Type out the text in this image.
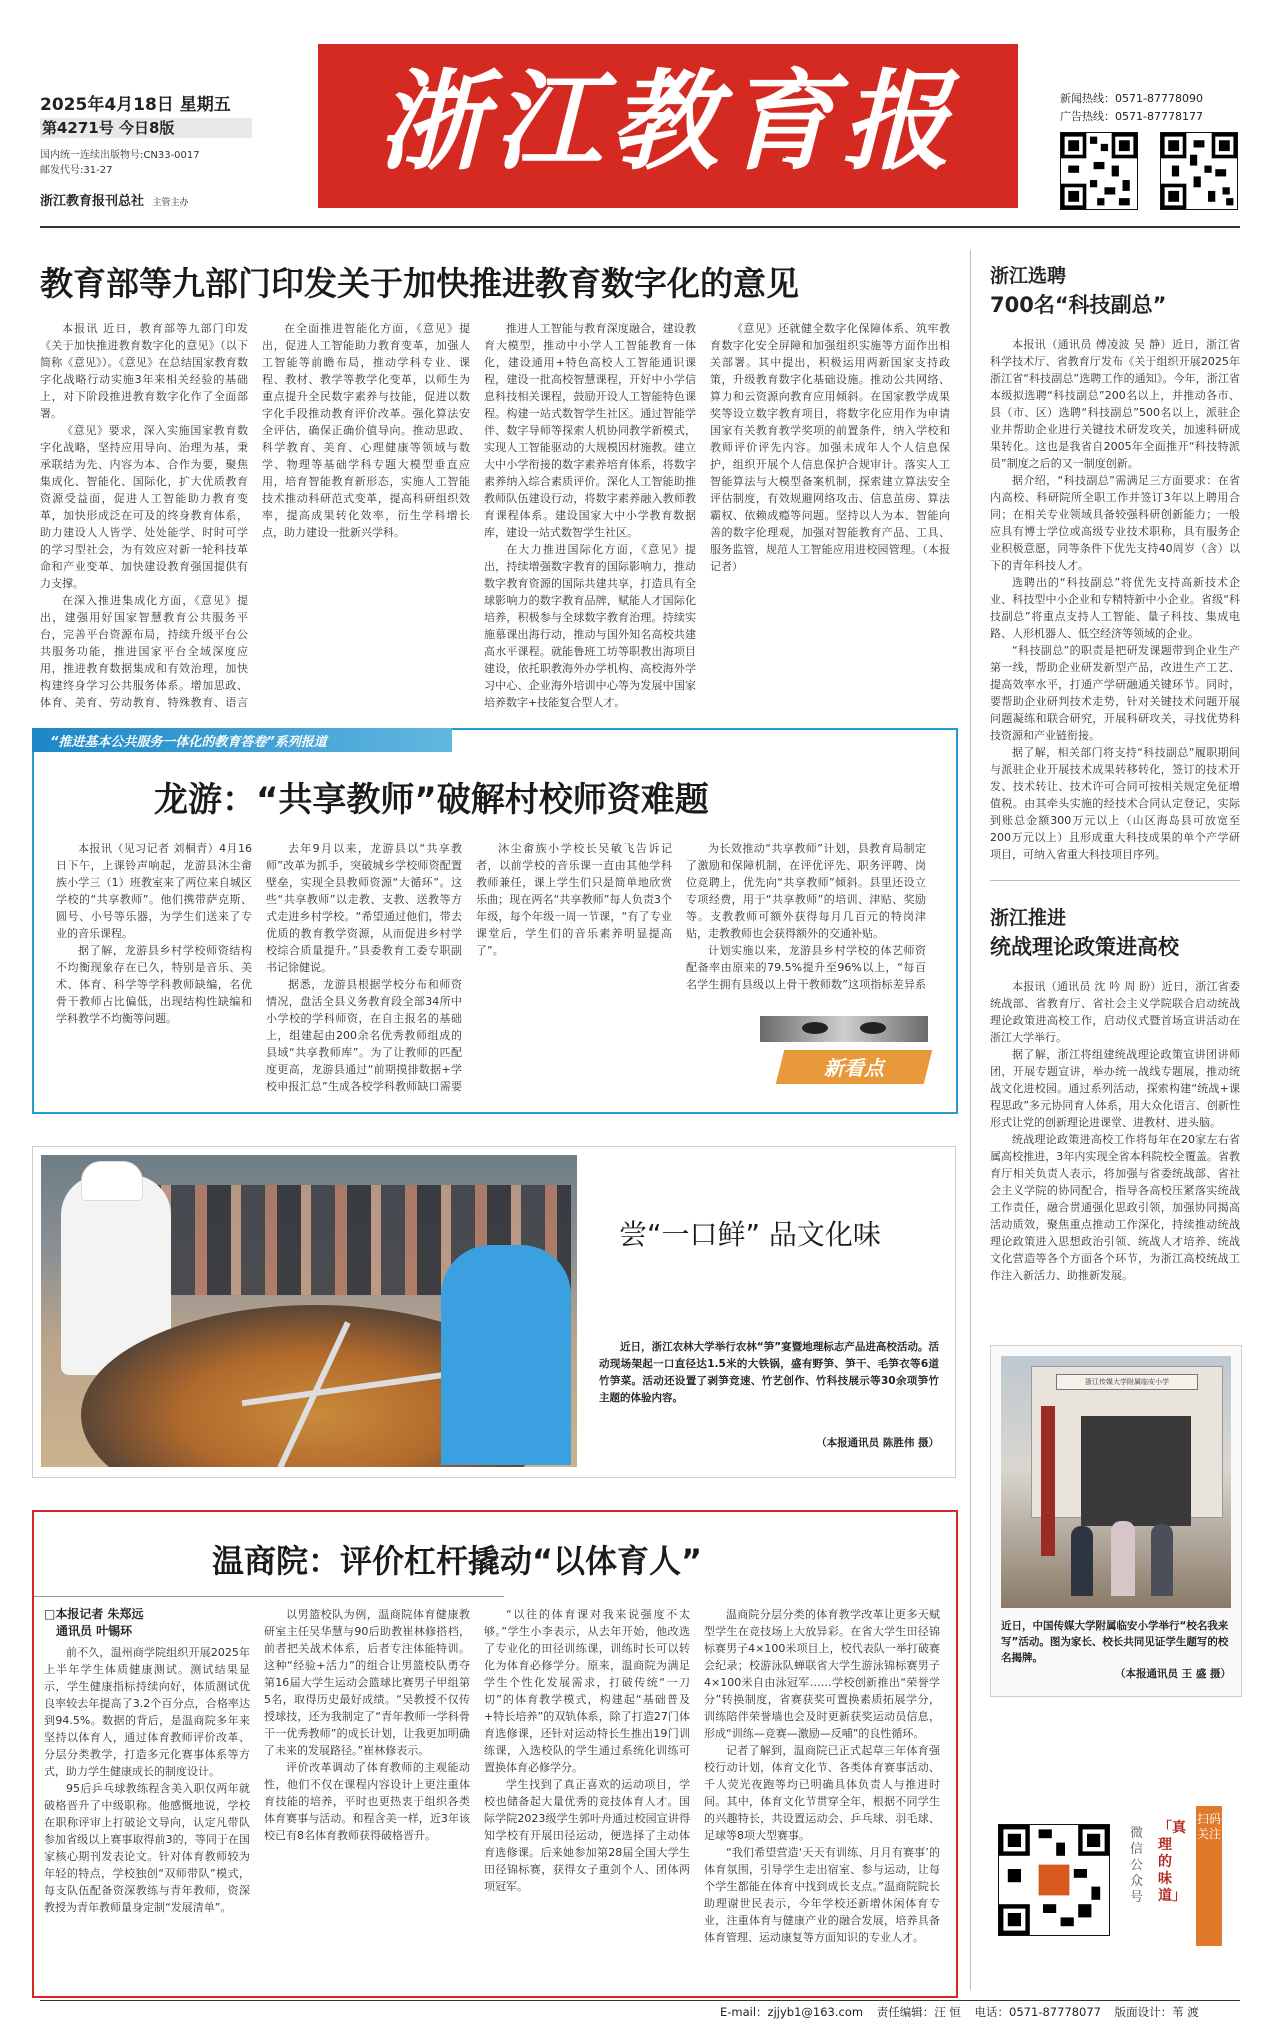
2025年4月18日 星期五
第4271号 今日8版
国内统一连续出版物号:CN33-0017
邮发代号:31-27
浙江教育报刊总社 主管主办
浙江教育报	新闻热线：0571-87778090
广告热线：0571-87778177
教育部等九部门印发关于加快推进教育数字化的意见

本报讯 近日，教育部等九部门印发《关于加快推进教育数字化的意见》（以下简称《意见》）。《意见》在总结国家教育数字化战略行动实施3年来相关经验的基础上，对下阶段推进教育数字化作了全面部署。

《意见》要求，深入实施国家教育数字化战略，坚持应用导向、治理为基，秉承联结为先、内容为本、合作为要，聚焦集成化、智能化、国际化，扩大优质教育资源受益面，促进人工智能助力教育变革，加快形成泛在可及的终身教育体系，助力建设人人皆学、处处能学、时时可学的学习型社会，为有效应对新一轮科技革命和产业变革、加快建设教育强国提供有力支撑。

在深入推进集成化方面，《意见》提出，建强用好国家智慧教育公共服务平台，完善平台资源布局，持续升级平台公共服务功能，推进国家平台全域深度应用，推进教育数据集成和有效治理，加快构建终身学习公共服务体系。增加思政、体育、美育、劳动教育、特殊教育、语言

在全面推进智能化方面，《意见》提出，促进人工智能助力教育变革，加强人工智能等前瞻布局，推动学科专业、课程、教材、教学等教学化变革，以师生为重点提升全民数字素养与技能，促进以数字化手段推动教育评价改革。强化算法安全评估，确保正确价值导向。推动思政、科学教育、美育、心理健康等领域与数学、物理等基础学科专题大模型垂直应用，培育智能教育新形态，实施人工智能技术推动科研范式变革，提高科研组织效率，提高成果转化效率，衍生学科增长点，助力建设一批新兴学科。

推进人工智能与教育深度融合，建设教育大模型，推动中小学人工智能教育一体化，建设通用+特色高校人工智能通识课程，建设一批高校智慧课程，开好中小学信息科技相关课程，鼓励开设人工智能特色课程。构建一站式数智学生社区。通过智能学伴、数字导师等探索人机协同教学新模式，实现人工智能驱动的大规模因材施教。建立大中小学衔接的数字素养培育体系，将数字素养纳入综合素质评价。深化人工智能助推教师队伍建设行动，将数字素养融入教师教育课程体系。建设国家大中小学教育数据库，建设一站式数智学生社区。

在大力推进国际化方面，《意见》提出，持续增强数字教育的国际影响力，推动数字教育资源的国际共建共享，打造具有全球影响力的数字教育品牌，赋能人才国际化培养，积极参与全球数字教育治理。持续实施慕课出海行动，推动与国外知名高校共建高水平课程。就能鲁班工坊等职教出海项目建设，依托职教海外办学机构、高校海外学习中心、企业海外培训中心等为发展中国家培养数字+技能复合型人才。

《意见》还就健全数字化保障体系、筑牢教育数字化安全屏障和加强组织实施等方面作出相关部署。其中提出，积极运用两新国家支持政策，升级教育数字化基础设施。推动公共网络、算力和云资源向教育应用倾斜。在国家教学成果奖等设立数字教育项目，将数字化应用作为申请国家有关教育教学奖项的前置条件，纳入学校和教师评价评先内容。加强未成年人个人信息保护，组织开展个人信息保护合规审计。落实人工智能算法与大模型备案机制，探索建立算法安全评估制度，有效规避网络攻击、信息茧房、算法霸权、依赖成瘾等问题。坚持以人为本、智能向善的数字伦理观，加强对智能教育产品、工具、服务监管，规范人工智能应用进校园管理。（本报记者）

浙江选聘
700名“科技副总”

本报讯（通讯员 傅凌波 吴 静）近日，浙江省科学技术厅、省教育厅发布《关于组织开展2025年浙江省“科技副总”选聘工作的通知》。今年，浙江省本级拟选聘“科技副总”200名以上，并推动各市、县（市、区）选聘“科技副总”500名以上，派驻企业并帮助企业进行关键技术研发攻关，加速科研成果转化。这也是我省自2005年全面推开“科技特派员”制度之后的又一制度创新。

据介绍，“科技副总”需满足三方面要求：在省内高校、科研院所全职工作并签订3年以上聘用合同；在相关专业领域具备较强科研创新能力；一般应具有博士学位或高级专业技术职称，具有服务企业积极意愿，同等条件下优先支持40周岁（含）以下的青年科技人才。

选聘出的“科技副总”将优先支持高新技术企业、科技型中小企业和专精特新中小企业。省级“科技副总”将重点支持人工智能、量子科技、集成电路、人形机器人、低空经济等领域的企业。

“科技副总”的职责是把研发课题带到企业生产第一线，帮助企业研发新型产品，改进生产工艺、提高效率水平，打通产学研融通关键环节。同时，要帮助企业研判技术走势，针对关键技术问题开展问题凝练和联合研究，开展科研攻关，寻找优势科技资源和产业链衔接。

据了解，相关部门将支持“科技副总”履职期间与派驻企业开展技术成果转移转化，签订的技术开发、技术转让、技术许可合同可按相关规定免征增值税。由其牵头实施的经技术合同认定登记，实际到账总金额300万元以上（山区海岛县可放宽至200万元以上）且形成重大科技成果的单个产学研项目，可纳入省重大科技项目序列。

浙江推进
统战理论政策进高校

本报讯（通讯员 沈 吟 周 盼）近日，浙江省委统战部、省教育厅、省社会主义学院联合启动统战理论政策进高校工作，启动仪式暨首场宣讲活动在浙江大学举行。

据了解，浙江将组建统战理论政策宣讲团讲师团，开展专题宣讲，举办统一战线专题展，推动统战文化进校园。通过系列活动，探索构建“统战+课程思政”多元协同育人体系，用大众化语言、创新性形式让党的创新理论进课堂、进教材、进头脑。

统战理论政策进高校工作将每年在20家左右省属高校推进，3年内实现全省本科院校全覆盖。省教育厅相关负责人表示，将加强与省委统战部、省社会主义学院的协同配合，指导各高校压紧落实统战工作责任，融合贯通强化思政引领，加强协同揭高活动质效，聚焦重点推动工作深化，持续推动统战理论政策进入思想政治引领、统战人才培养、统战文化营造等各个方面各个环节，为浙江高校统战工作注入新活力、助推新发展。

浙江传媒大学附属临安小学
近日，中国传媒大学附属临安小学举行“校名我来写”活动。图为家长、校长共同见证学生题写的校名揭牌。
（本报通讯员 王 盛 摄）
微信公众号
「真理的味道」
扫码关注
“推进基本公共服务一体化的教育答卷”系列报道
龙游：“共享教师”破解村校师资难题

本报讯（见习记者 刘桐青）4月16日下午，上课铃声响起，龙游县沐尘畲族小学三（1）班教室来了两位来自城区学校的“共享教师”。他们携带萨克斯、圆号、小号等乐器，为学生们送来了专业的音乐课程。

据了解，龙游县乡村学校师资结构不均衡现象存在已久，特别是音乐、美术、体育、科学等学科教师缺编，名优骨干教师占比偏低，出现结构性缺编和学科教学不均衡等问题。

去年9月以来，龙游县以“共享教师”改革为抓手，突破城乡学校师资配置壁垒，实现全县教师资源“大循环”。这些“共享教师”以走教、支教、送教等方式走进乡村学校。“希望通过他们，带去优质的教育教学资源，从而促进乡村学校综合质量提升。”县委教育工委专职副书记徐健说。

据悉，龙游县根据学校分布和师资情况，盘活全县义务教育段全部34所中小学校的学科师资，在自主报名的基础上，组建起由200余名优秀教师组成的县域“共享教师库”。为了让教师的匹配度更高，龙游县通过“前期摸排数据+学校申报汇总”生成各校学科教师缺口需要

沐尘畲族小学校长吴敏飞告诉记者，以前学校的音乐课一直由其他学科教师兼任，课上学生们只是简单地欣赏乐曲；现在两名“共享教师”每人负责3个年级，每个年级一周一节课，“有了专业课堂后，学生们的音乐素养明显提高了”。

为长效推动“共享教师”计划，县教育局制定了激励和保障机制，在评优评先、职务评聘、岗位竞聘上，优先向“共享教师”倾斜。县里还设立专项经费，用于“共享教师”的培训、津贴、奖励等。支教教师可额外获得每月几百元的特岗津贴，走教教师也会获得额外的交通补贴。

计划实施以来，龙游县乡村学校的体艺师资配备率由原来的79.5%提升至96%以上，“每百名学生拥有县级以上骨干教师数”这项指标差异系

新看点
尝“一口鲜” 品文化味
近日，浙江农林大学举行农林“笋”宴暨地理标志产品进高校活动。活动现场架起一口直径达1.5米的大铁锅，盛有野笋、笋干、毛笋衣等6道竹笋菜。活动还设置了剥笋竞速、竹艺创作、竹科技展示等30余项笋竹主题的体验内容。
（本报通讯员 陈胜伟 摄）
温商院：评价杠杆撬动“以体育人”
□本报记者 朱郑远
通讯员 叶锡环

前不久，温州商学院组织开展2025年上半年学生体质健康测试。测试结果显示，学生健康指标持续向好，体质测试优良率较去年提高了3.2个百分点，合格率达到94.5%。数据的背后，是温商院多年来坚持以体育人，通过体育教师评价改革、分层分类教学，打造多元化赛事体系等方式，助力学生健康成长的制度设计。

95后乒乓球教练程含美入职仅两年就破格晋升了中级职称。他感慨地说，学校在职称评审上打破论文导向，认定凡带队参加省级以上赛事取得前3的，等同于在国家核心期刊发表论文。针对体育教师较为年轻的特点，学校独创“双师带队”模式，每支队伍配备资深教练与青年教师，资深教授为青年教师量身定制“发展清单”。

以男篮校队为例，温商院体育健康教研室主任吴华慧与90后助教崔林修搭档，前者把关战术体系，后者专注体能特训。这种“经验+活力”的组合让男篮校队勇夺第16届大学生运动会篮球比赛男子甲组第5名，取得历史最好成绩。“吴教授不仅传授球技，还为我制定了“青年教师一学科骨干一优秀教师”的成长计划，让我更加明确了未来的发展路径。”崔林修表示。

评价改革调动了体育教师的主观能动性，他们不仅在课程内容设计上更注重体育技能的培养，平时也更热衷于组织各类体育赛事与活动。和程含美一样，近3年该校已有8名体育教师获得破格晋升。

“以往的体育课对我来说强度不太够。”学生小李表示，从去年开始，他改选了专业化的田径训练课，训练时长可以转化为体育必修学分。原来，温商院为满足学生个性化发展需求，打破传统“一刀切”的体育教学模式，构建起“基础普及+特长培养”的双轨体系，除了打造27门体育选修课，还针对运动特长生推出19门训练课，入选校队的学生通过系统化训练可置换体育必修学分。

学生找到了真正喜欢的运动项目，学校也储备起大量优秀的竞技体育人才。国际学院2023级学生郭叶舟通过校园宣讲得知学校有开展田径运动，便选择了主动体育选修课。后来她参加第28届全国大学生田径锦标赛，获得女子重剑个人、团体两项冠军。

温商院分层分类的体育教学改革让更多天赋型学生在竞技场上大放异彩。在省大学生田径锦标赛男子4×100米项目上，校代表队一举打破赛会纪录；校游泳队蝉联省大学生游泳锦标赛男子4×100米自由泳冠军……学校创新推出“荣誉学分”转换制度，省赛获奖可置换素质拓展学分，训练陪伴荣誉墙也会及时更新获奖运动员信息，形成“训练—竞赛—激励—反哺”的良性循环。

记者了解到，温商院已正式起草三年体育强校行动计划，体育文化节、各类体育赛事活动、千人荧光夜跑等均已明确具体负责人与推进时间。其中，体育文化节贯穿全年，根据不同学生的兴趣特长，共设置运动会、乒乓球、羽毛球、足球等8项大型赛事。

“我们希望营造‘天天有训练、月月有赛事’的体育氛围，引导学生走出宿室、参与运动，让每个学生都能在体育中找到成长支点。”温商院院长助理谢世民表示，今年学校还新增休闲体育专业，注重体育与健康产业的融合发展，培养具备体育管理、运动康复等方面知识的专业人才。

E-mail：zjjyb1@163.com 责任编辑：汪 恒 电话：0571-87778077 版面设计：苇 渡
